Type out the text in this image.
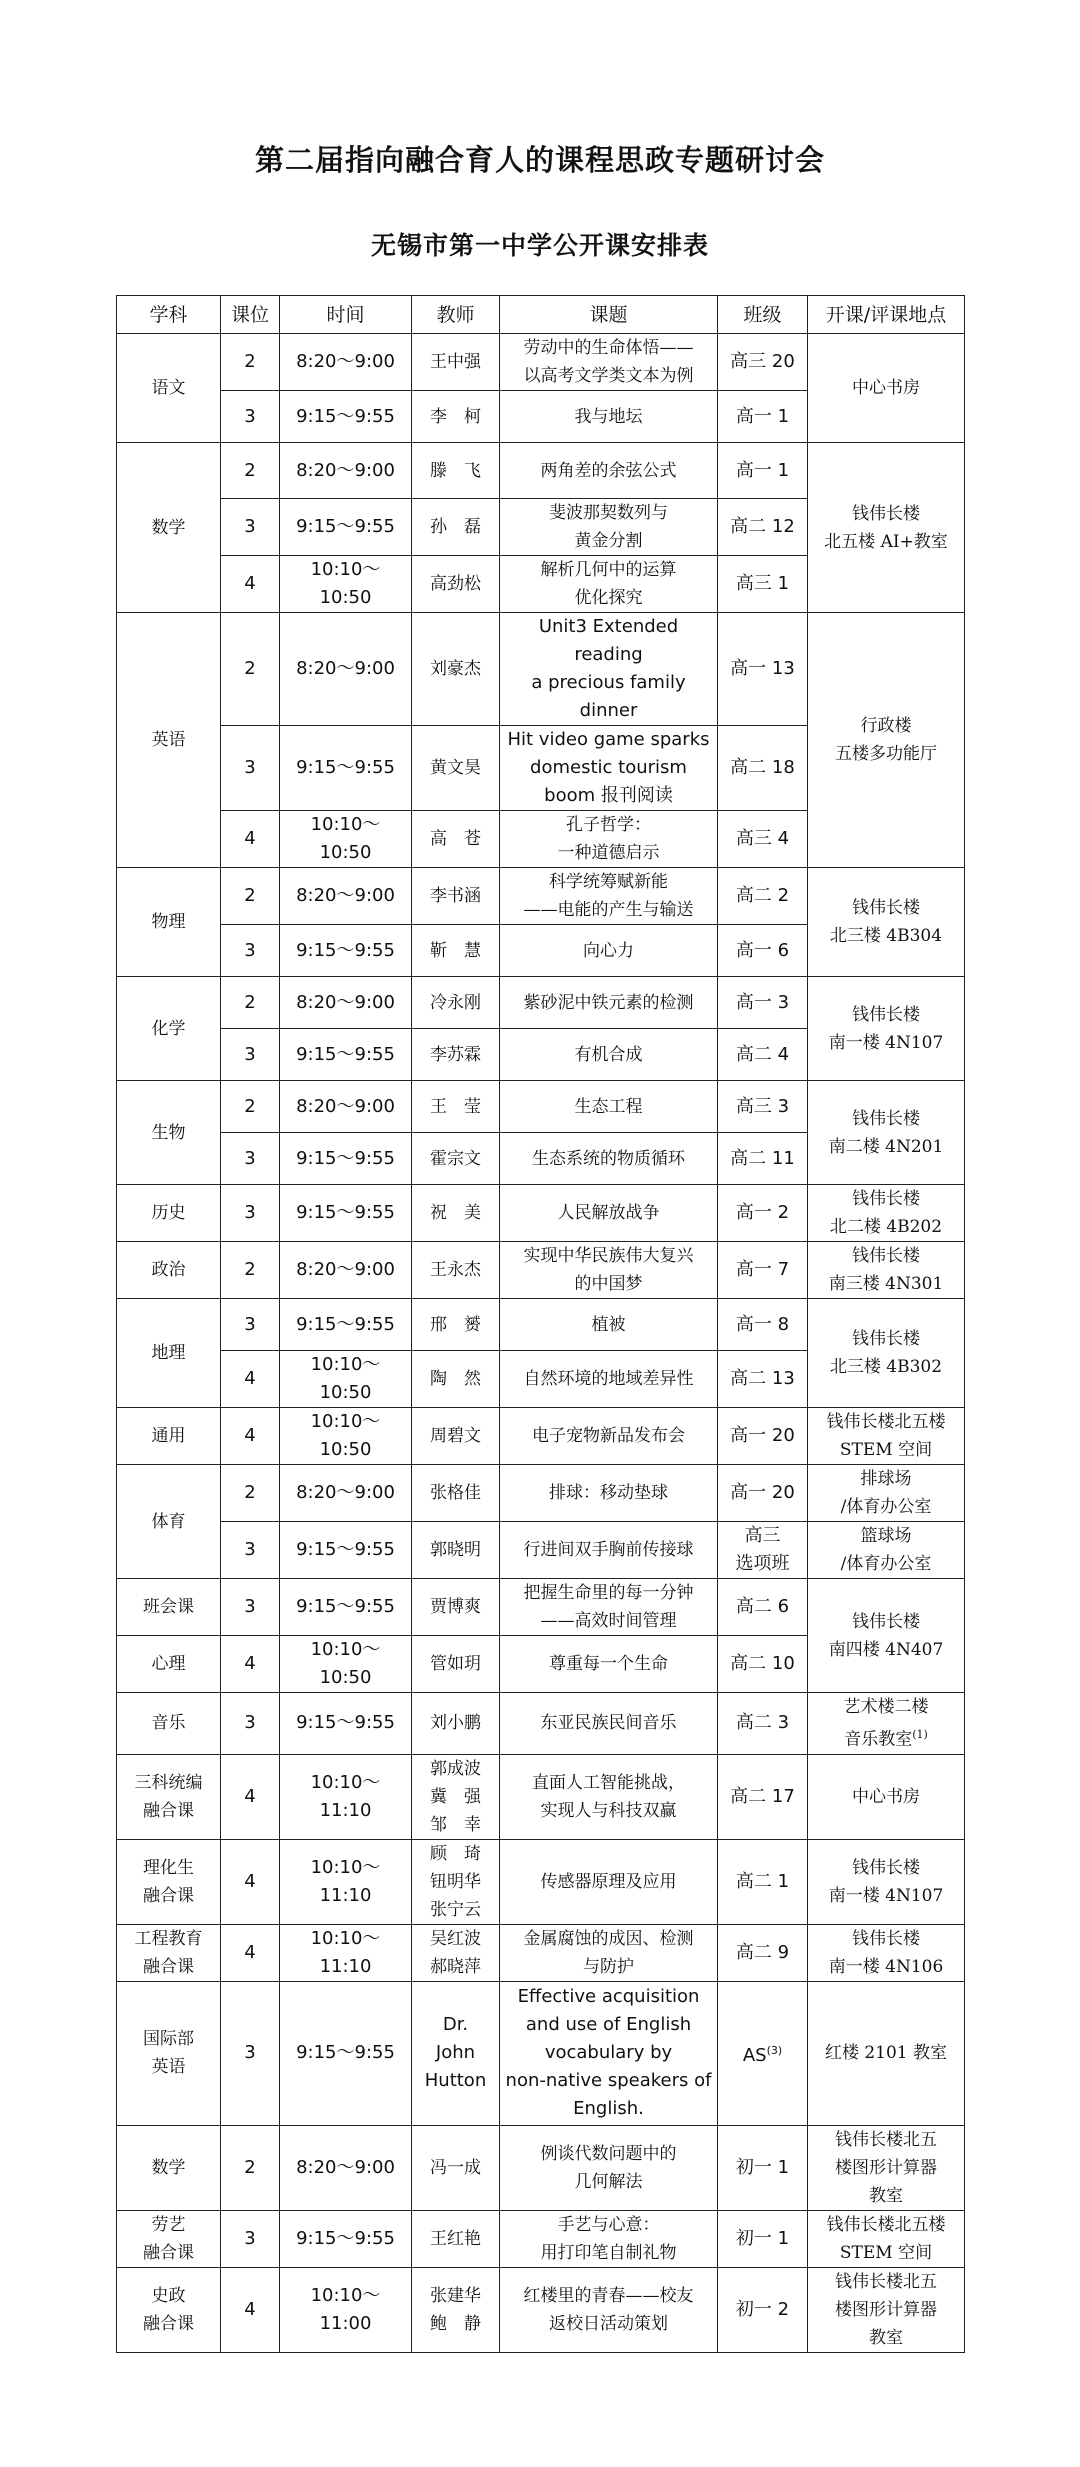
第二届指向融合育人的课程思政专题研讨会
无锡市第一中学公开课安排表
学科	课位	时间	教师	课题	班级	开课/评课地点

语文	2	8:20～9:00	王中强	劳动中的生命体悟——
以高考文学类文本为例	高三 20	中心书房

	3	9:15～9:55	李　柯	我与地坛	高一 1	

数学	2	8:20～9:00	滕　飞	两角差的余弦公式	高一 1	钱伟长楼
北五楼 AI+教室

	3	9:15～9:55	孙　磊	斐波那契数列与
黄金分割	高二 12	

	4	10:10～
10:50	高劲松	解析几何中的运算
优化探究	高三 1	

英语	2	8:20～9:00	刘豪杰	Unit3 Extended reading
a precious family
dinner	高一 13	行政楼
五楼多功能厅

	3	9:15～9:55	黄文昊	Hit video game sparks
domestic tourism
boom 报刊阅读	高二 18	

	4	10:10～
10:50	高　苍	孔子哲学：
一种道德启示	高三 4	

物理	2	8:20～9:00	李书涵	科学统筹赋新能
——电能的产生与输送	高二 2	钱伟长楼
北三楼 4B304

	3	9:15～9:55	靳　慧	向心力	高一 6	

化学	2	8:20～9:00	冷永刚	紫砂泥中铁元素的检测	高一 3	钱伟长楼
南一楼 4N107

	3	9:15～9:55	李苏霖	有机合成	高二 4	

生物	2	8:20～9:00	王　莹	生态工程	高三 3	钱伟长楼
南二楼 4N201

	3	9:15～9:55	霍宗文	生态系统的物质循环	高二 11	

历史	3	9:15～9:55	祝　美	人民解放战争	高一 2	钱伟长楼
北二楼 4B202

政治	2	8:20～9:00	王永杰	实现中华民族伟大复兴
的中国梦	高一 7	钱伟长楼
南三楼 4N301

地理	3	9:15～9:55	邢　赟	植被	高一 8	钱伟长楼
北三楼 4B302

	4	10:10～
10:50	陶　然	自然环境的地域差异性	高二 13	

通用	4	10:10～
10:50	周碧文	电子宠物新品发布会	高一 20	钱伟长楼北五楼
STEM 空间

体育	2	8:20～9:00	张格佳	排球：移动垫球	高一 20	排球场
/体育办公室

	3	9:15～9:55	郭晓明	行进间双手胸前传接球	高三
选项班	篮球场
/体育办公室

班会课	3	9:15～9:55	贾博爽	把握生命里的每一分钟
——高效时间管理	高二 6	钱伟长楼
南四楼 4N407

心理	4	10:10～
10:50	管如玥	尊重每一个生命	高二 10	

音乐	3	9:15～9:55	刘小鹏	东亚民族民间音乐	高二 3	艺术楼二楼
音乐教室$^{(1)}$

三科统编
融合课	4	10:10～
11:10	郭成波
冀　强
邹　幸	直面人工智能挑战，
实现人与科技双赢	高二 17	中心书房

理化生
融合课	4	10:10～
11:10	顾　琦
钮明华
张宁云	传感器原理及应用	高二 1	钱伟长楼
南一楼 4N107

工程教育
融合课	4	10:10～
11:10	吴红波
郝晓萍	金属腐蚀的成因、检测
与防护	高二 9	钱伟长楼
南一楼 4N106

国际部
英语	3	9:15～9:55	Dr.
John
Hutton	Effective acquisition
and use of English
vocabulary by
non-native speakers of
English.	AS$^{(3)}$	红楼 2101 教室

数学	2	8:20～9:00	冯一成	例谈代数问题中的
几何解法	初一 1	钱伟长楼北五
楼图形计算器
教室

劳艺
融合课	3	9:15～9:55	王红艳	手艺与心意：
用打印笔自制礼物	初一 1	钱伟长楼北五楼
STEM 空间

史政
融合课	4	10:10～
11:00	张建华
鲍　静	红楼里的青春——校友
返校日活动策划	初一 2	钱伟长楼北五
楼图形计算器
教室
